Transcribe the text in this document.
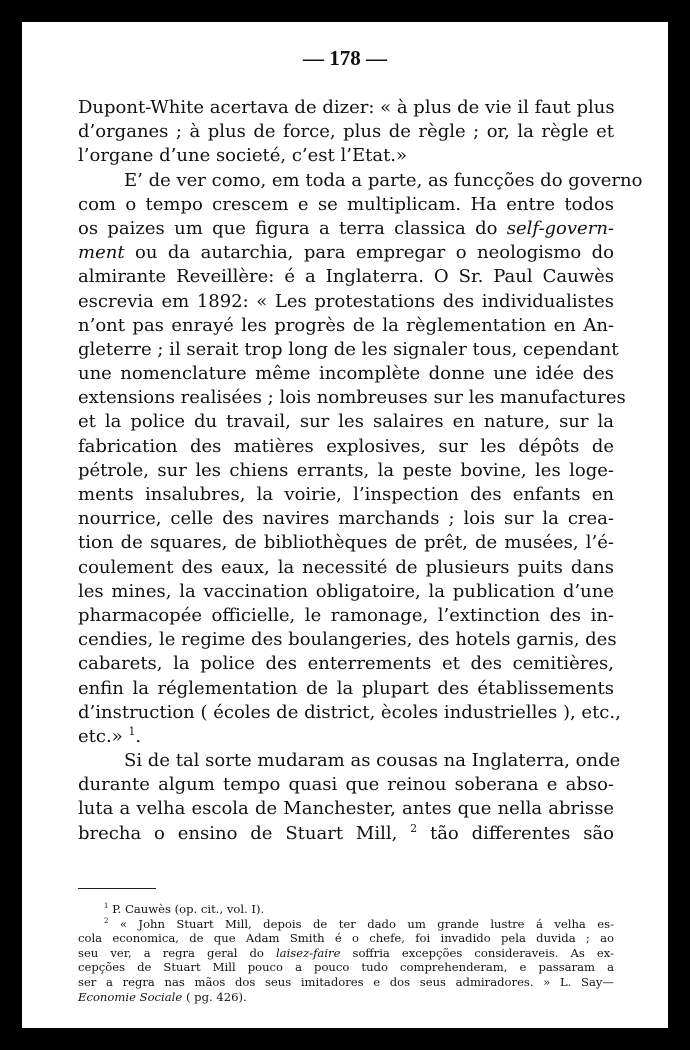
— 178 —
Dupont-White acertava de dizer: « à plus de vie il faut plus
d’organes ; à plus de force, plus de règle ; or, la règle et
l’organe d’une societé, c’est l’Etat.»
E’ de ver como, em toda a parte, as funcções do governo
com o tempo crescem e se multiplicam. Ha entre todos
os paizes um que figura a terra classica do self-govern-
ment ou da autarchia, para empregar o neologismo do
almirante Reveillère: é a Inglaterra. O Sr. Paul Cauwès
escrevia em 1892: « Les protestations des individualistes
n’ont pas enrayé les progrès de la règlementation en An-
gleterre ; il serait trop long de les signaler tous, cependant
une nomenclature même incomplète donne une idée des
extensions realisées ; lois nombreuses sur les manufactures
et la police du travail, sur les salaires en nature, sur la
fabrication des matières explosives, sur les dépôts de
pétrole, sur les chiens errants, la peste bovine, les loge-
ments insalubres, la voirie, l’inspection des enfants en
nourrice, celle des navires marchands ; lois sur la crea-
tion de squares, de bibliothèques de prêt, de musées, l’é-
coulement des eaux, la necessité de plusieurs puits dans
les mines, la vaccination obligatoire, la publication d’une
pharmacopée officielle, le ramonage, l’extinction des in-
cendies, le regime des boulangeries, des hotels garnis, des
cabarets, la police des enterrements et des cemitières,
enfin la réglementation de la plupart des établissements
d’instruction ( écoles de district, ècoles industrielles ), etc.,
etc.» $^1$.
Si de tal sorte mudaram as cousas na Inglaterra, onde
durante algum tempo quasi que reinou soberana e abso-
luta a velha escola de Manchester, antes que nella abrisse
brecha o ensino de Stuart Mill, $^2$ tão differentes são
$^1$ P. Cauwès (op. cit., vol. I).
$^2$ « John Stuart Mill, depois de ter dado um grande lustre á velha es-
cola economica, de que Adam Smith é o chefe, foi invadido pela duvida ; ao
seu ver, a regra geral do laisez-faire soffria excepções consideraveis. As ex-
cepções de Stuart Mill pouco a pouco tudo comprehenderam, e passaram a
ser a regra nas mãos dos seus imitadores e dos seus admiradores. » L. Say—
Economie Sociale ( pg. 426).
